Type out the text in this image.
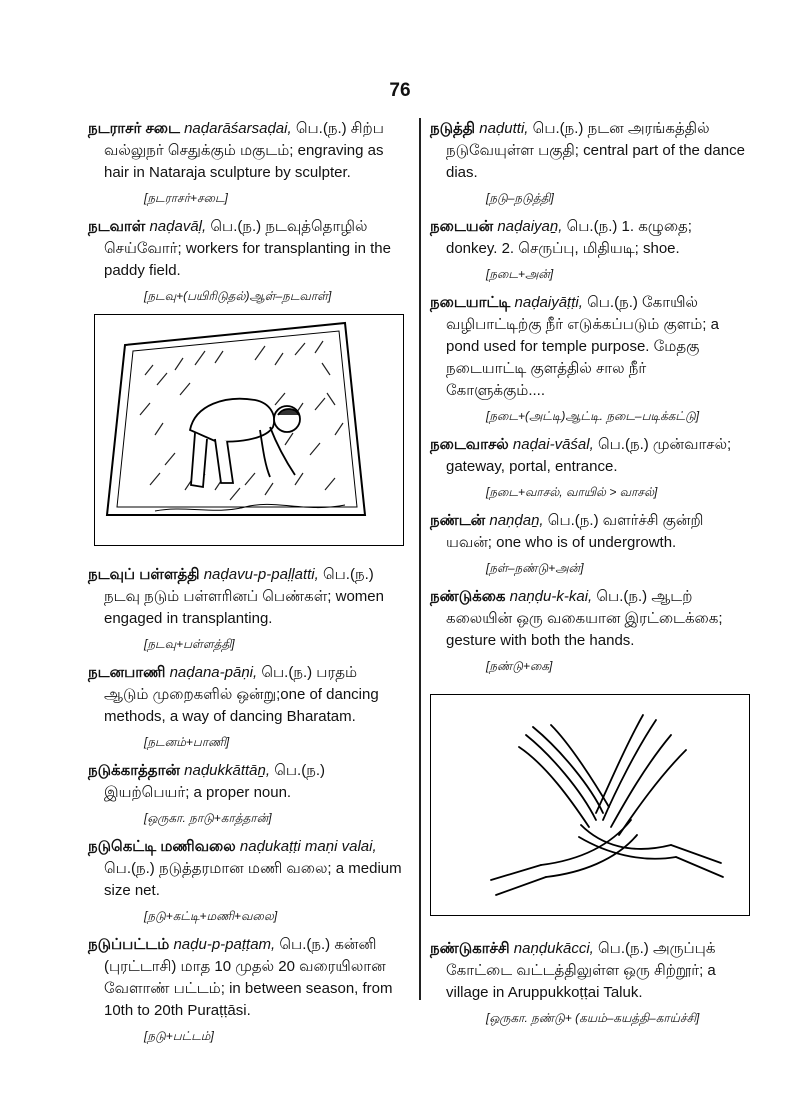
76
நடராசர் சடை naḍarāśarsaḍai, பெ.(ந.) சிற்ப
வல்லுநர் செதுக்கும் மகுடம்; engraving as hair in Nataraja sculpture by sculpter.
[நடராசர்+சடை]
நடவாள் naḍavāḷ, பெ.(ந.) நடவுத்தொழில்
செய்வோர்; workers for transplanting in the paddy field.
[நடவு+(பயிரிடுதல்)ஆள்–நடவாள்]
நடவுப் பள்ளத்தி naḍavu-p-paḷḷatti, பெ.(ந.)
நடவு நடும் பள்ளரினப் பெண்கள்; women engaged in transplanting.
[நடவு+பள்ளத்தி]
நடனபாணி naḍana-pāṇi, பெ.(ந.) பரதம்
ஆடும் முறைகளில் ஒன்று;one of dancing methods, a way of dancing Bharatam.
[நடனம்+பாணி]
நடுக்காத்தான் naḍukkāttāṉ, பெ.(ந.)
இயற்பெயர்; a proper noun.
[ஒருகா. நாடு+காத்தான்]
நடுகெட்டி மணிவலை naḍukaṭṭi maṇi valai,
பெ.(ந.) நடுத்தரமான மணி வலை; a medium size net.
[நடு+கட்டி+மணி+வலை]
நடுப்பட்டம் naḍu-p-paṭṭam, பெ.(ந.) கன்னி
(புரட்டாசி) மாத 10 முதல் 20 வரையிலான வேளாண் பட்டம்; in between season, from 10th to 20th Puraṭṭāsi.
[நடு+பட்டம்]
நடுத்தி naḍutti, பெ.(ந.) நடன அரங்கத்தில்
நடுவேயுள்ள பகுதி; central part of the dance dias.
[நடு–நடுத்தி]
நடையன் naḍaiyaṉ, பெ.(ந.) 1. கழுதை;
donkey. 2. செருப்பு, மிதியடி; shoe.
[நடை+அன்]
நடையாட்டி naḍaiyāṭṭi, பெ.(ந.) கோயில்
வழிபாட்டிற்கு நீர் எடுக்கப்படும் குளம்; a pond used for temple purpose. மேதகு நடையாட்டி குளத்தில் சால நீர் கோளுக்கும்....
[நடை+(அட்டி)ஆட்டி. நடை–படிக்கட்டு]
நடைவாசல் naḍai-vāśal, பெ.(ந.) முன்வாசல்;
gateway, portal, entrance.
[நடை+வாசல், வாயில் > வாசல்]
நண்டன் naṇḍaṉ, பெ.(ந.) வளர்ச்சி குன்றி
யவன்; one who is of undergrowth.
[நள்–நண்டு+அன்]
நண்டுக்கை naṇḍu-k-kai, பெ.(ந.) ஆடற்
கலையின் ஒரு வகையான இரட்டைக்கை; gesture with both the hands.
[நண்டு+கை]
நண்டுகாச்சி naṇḍukācci, பெ.(ந.) அருப்புக்
கோட்டை வட்டத்திலுள்ள ஒரு சிற்றூர்; a village in Aruppukkoṭṭai Taluk.
[ஒருகா. நண்டு+ (கயம்–கயத்தி–காய்ச்சி]
